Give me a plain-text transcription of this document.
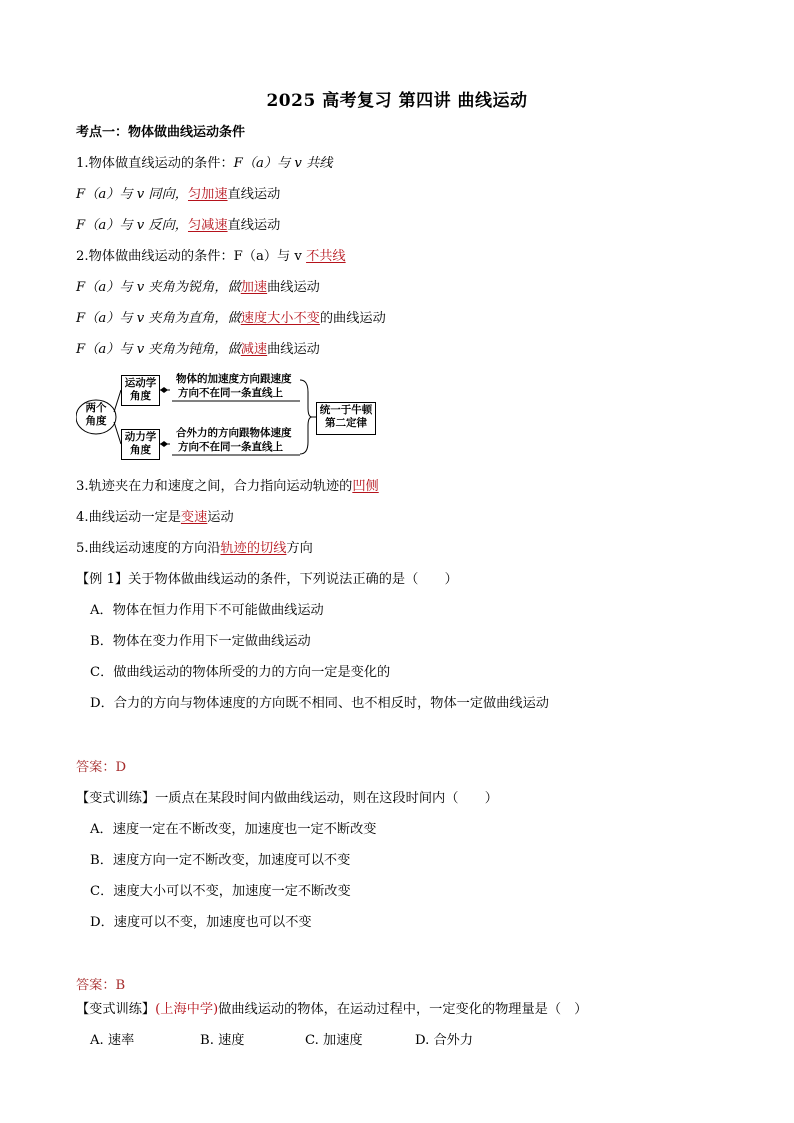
2025 高考复习 第四讲 曲线运动
考点一：物体做曲线运动条件
1.物体做直线运动的条件：F（a）与 v 共线
F（a）与 v 同向，匀加速直线运动
F（a）与 v 反向，匀减速直线运动
2.物体做曲线运动的条件：F（a）与 v 不共线
F（a）与 v 夹角为锐角，做加速曲线运动
F（a）与 v 夹角为直角，做速度大小不变的曲线运动
F（a）与 v 夹角为钝角，做减速曲线运动
两个角度
运动学角度
动力学角度
物体的加速度方向跟速度
方向不在同一条直线上
合外力的方向跟物体速度
方向不在同一条直线上
统一于牛顿第二定律
3.轨迹夹在力和速度之间，合力指向运动轨迹的凹侧
4.曲线运动一定是变速运动
5.曲线运动速度的方向沿轨迹的切线方向
【例 1】关于物体做曲线运动的条件，下列说法正确的是（　　）
A．物体在恒力作用下不可能做曲线运动
B．物体在变力作用下一定做曲线运动
C．做曲线运动的物体所受的力的方向一定是变化的
D．合力的方向与物体速度的方向既不相同、也不相反时，物体一定做曲线运动
答案：D
【变式训练】一质点在某段时间内做曲线运动，则在这段时间内（　　）
A．速度一定在不断改变，加速度也一定不断改变
B．速度方向一定不断改变，加速度可以不变
C．速度大小可以不变，加速度一定不断改变
D．速度可以不变，加速度也可以不变
答案：B
【变式训练】(上海中学)做曲线运动的物体，在运动过程中，一定变化的物理量是（　）
A. 速率	B. 速度	C. 加速度	D. 合外力
